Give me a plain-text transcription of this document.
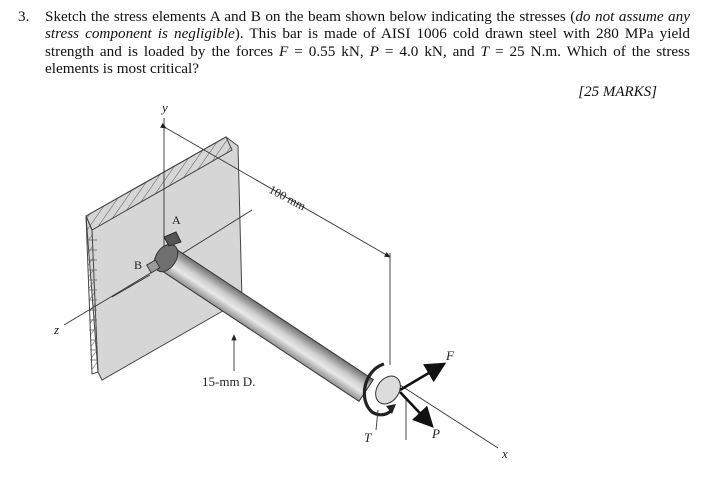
3. Sketch the stress elements A and B on the beam shown below indicating the stresses (do not assume any stress component is negligible). This bar is made of AISI 1006 cold drawn steel with 280 MPa yield strength and is loaded by the forces F = 0.55 kN, P = 4.0 kN, and T = 25 N.m. Which of the stress elements is most critical?
[25 MARKS]
y
z
x
A
B
F
P
T
100 mm
15-mm D.
